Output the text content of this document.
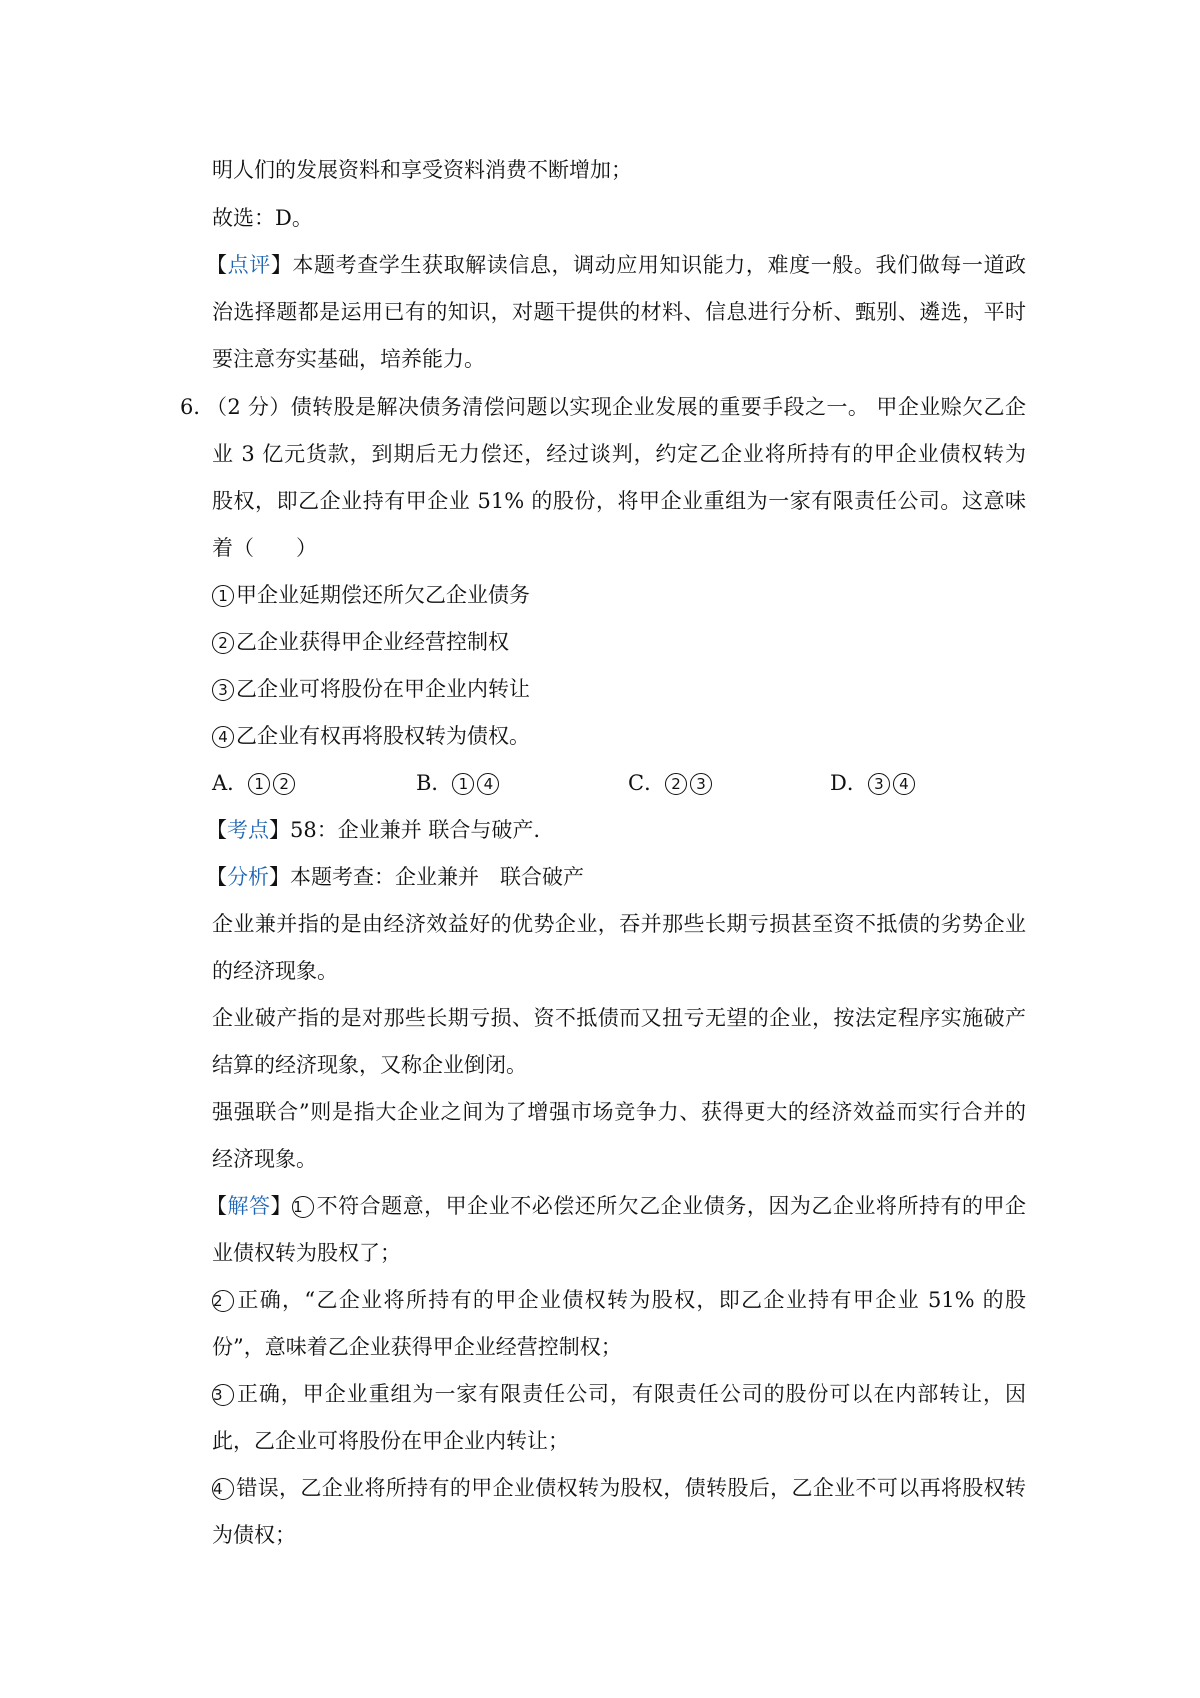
明人们的发展资料和享受资料消费不断增加；
故选：D。
【点评】本题考查学生获取解读信息，调动应用知识能力，难度一般。我们做每一道政
治选择题都是运用已有的知识，对题干提供的材料、信息进行分析、甄别、遴选，平时
要注意夯实基础，培养能力。
6．
（2 分）债转股是解决债务清偿问题以实现企业发展的重要手段之一。 甲企业赊欠乙企
业 3 亿元货款，到期后无力偿还，经过谈判，约定乙企业将所持有的甲企业债权转为
股权，即乙企业持有甲企业 51% 的股份，将甲企业重组为一家有限责任公司。这意味
着（　　）
1 甲企业延期偿还所欠乙企业债务
2 乙企业获得甲企业经营控制权
3 乙企业可将股份在甲企业内转让
4 乙企业有权再将股权转为债权。
A． 1 2	B． 1 4	C． 2 3	D． 3 4
【考点】58：企业兼并 联合与破产.
【分析】本题考查：企业兼并　联合破产
企业兼并指的是由经济效益好的优势企业，吞并那些长期亏损甚至资不抵债的劣势企业
的经济现象。
企业破产指的是对那些长期亏损、资不抵债而又扭亏无望的企业，按法定程序实施破产
结算的经济现象，又称企业倒闭。
强强联合”则是指大企业之间为了增强市场竞争力、获得更大的经济效益而实行合并的
经济现象。
【解答】1 不符合题意，甲企业不必偿还所欠乙企业债务，因为乙企业将所持有的甲企
业债权转为股权了；
2 正确，“乙企业将所持有的甲企业债权转为股权，即乙企业持有甲企业 51% 的股
份”，意味着乙企业获得甲企业经营控制权；
3 正确，甲企业重组为一家有限责任公司，有限责任公司的股份可以在内部转让，因
此，乙企业可将股份在甲企业内转让；
4 错误，乙企业将所持有的甲企业债权转为股权，债转股后，乙企业不可以再将股权转
为债权；
